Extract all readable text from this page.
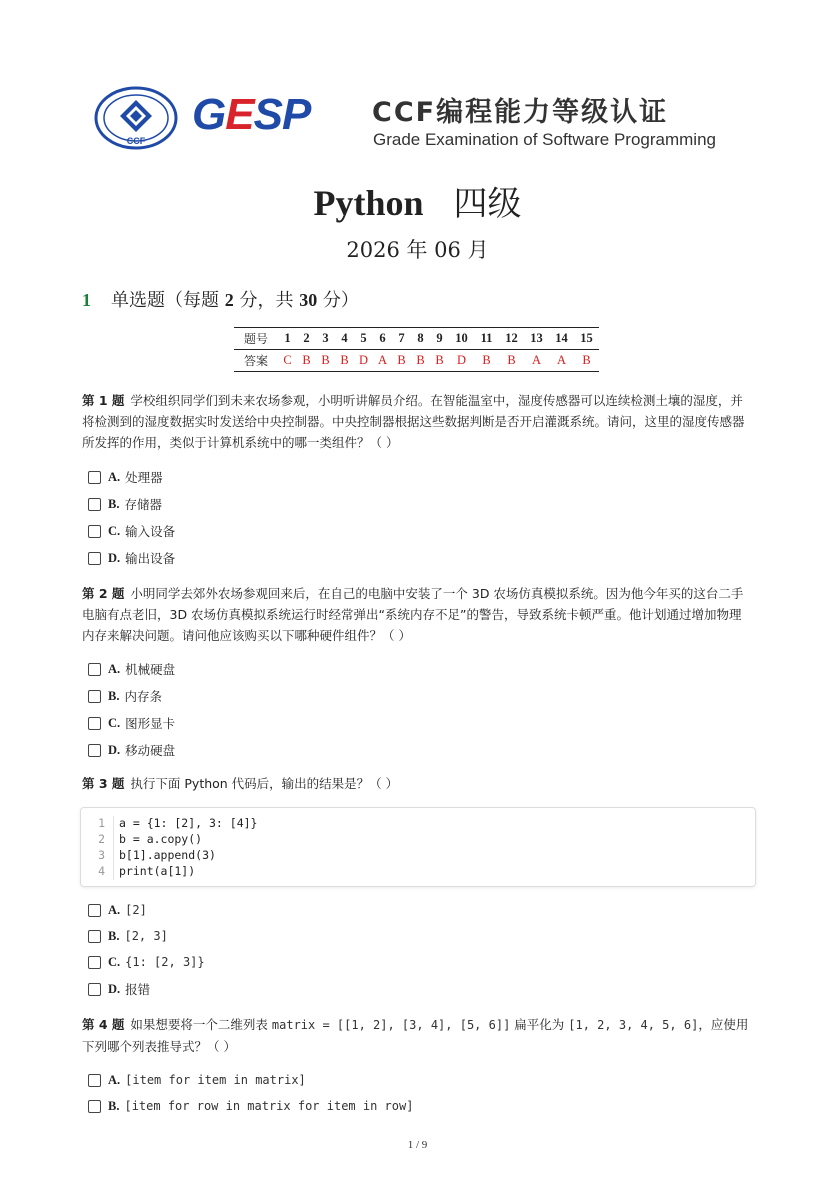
CCF
GESP CCF编程能力等级认证
Grade Examination of Software Programming
Python 四级
2026 年 06 月
1 单选题（每题 2 分，共 30 分）
题号	1	2	3	4	5	6	7	8	9	10	11	12	13	14	15
答案	C	B	B	B	D	A	B	B	B	D	B	B	A	A	B
第 1 题 学校组织同学们到未来农场参观，小明听讲解员介绍。在智能温室中，湿度传感器可以连续检测土壤的湿度，并将检测到的湿度数据实时发送给中央控制器。中央控制器根据这些数据判断是否开启灌溉系统。请问，这里的湿度传感器所发挥的作用，类似于计算机系统中的哪一类组件？（ ）
A. 处理器
B. 存储器
C. 输入设备
D. 输出设备
第 2 题 小明同学去郊外农场参观回来后，在自己的电脑中安装了一个 3D 农场仿真模拟系统。因为他今年买的这台二手电脑有点老旧，3D 农场仿真模拟系统运行时经常弹出“系统内存不足”的警告，导致系统卡顿严重。他计划通过增加物理内存来解决问题。请问他应该购买以下哪种硬件组件？（ ）
A. 机械硬盘
B. 内存条
C. 图形显卡
D. 移动硬盘
第 3 题 执行下面 Python 代码后，输出的结果是？（ ）
1 a = {1: [2], 3: [4]}
2 b = a.copy()
3 b[1].append(3)
4 print(a[1])
A. [2]
B. [2, 3]
C. {1: [2, 3]}
D. 报错
第 4 题 如果想要将一个二维列表 matrix = [[1, 2], [3, 4], [5, 6]] 扁平化为 [1, 2, 3, 4, 5, 6]，应使用下列哪个列表推导式？（ ）
A. [item for item in matrix]
B. [item for row in matrix for item in row]
1 / 9
